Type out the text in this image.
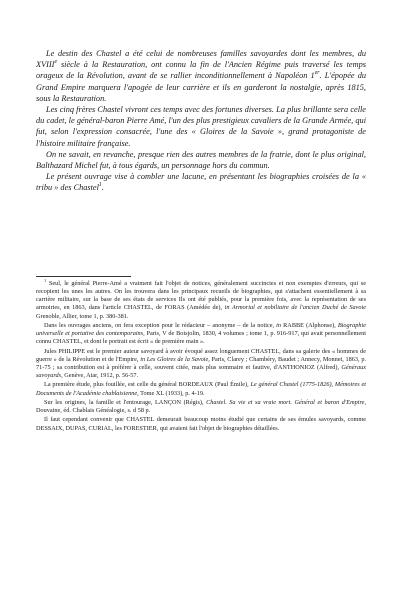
Le destin des Chastel a été celui de nombreuses familles savoyardes dont les membres, du XVIIIe siècle à la Restauration, ont connu la fin de l'Ancien Régime puis traversé les temps orageux de la Révolution, avant de se rallier inconditionnellement à Napoléon 1er. L'épopée du Grand Empire marquera l'apogée de leur carrière et ils en garderont la nostalgie, après 1815, sous la Restauration.

Les cinq frères Chastel vivront ces temps avec des fortunes diverses. La plus brillante sera celle du cadet, le général-baron Pierre Amé, l'un des plus prestigieux cavaliers de la Grande Armée, qui fut, selon l'expression consacrée, l'une des « Gloires de la Savoie », grand protagoniste de l'histoire militaire française.

On ne savait, en revanche, presque rien des autres membres de la fratrie, dont le plus original, Balthazard Michel fut, à tous égards, un personnage hors du commun.

Le présent ouvrage vise à combler une lacune, en présentant les biographies croisées de la « tribu » des Chastel$^1$.

$^1$ Seul, le général Pierre-Amé a vraiment fait l'objet de notices, généralement succinctes et non exemptes d'erreurs, qui se recopient les unes les autres. On les trouvera dans les principaux recueils de biographies, qui s'attachent essentiellement à sa carrière militaire, sur la base de ses états de services Ils ont été publiés, pour la première fois, avec la représentation de ses armoiries, en 1863, dans l'article CHASTEL, de FORAS (Amédée de), in Armorial et nobiliaire de l'ancien Duché de Savoie Grenoble, Allier, tome 1, p. 380-381.

Dans les ouvrages anciens, on fera exception pour le rédacteur – anonyme – de la notice, in RABBE (Alphonse), Biographie universelle et portative des contemporains, Paris, V de Boisjolin, 1830, 4 volumes ; tome 1, p. 916-917, qui avait personnellement connu CHASTEL, et dont le portrait est écrit « de première main ».

Jules PHILIPPE est le premier auteur savoyard à avoir évoqué assez longuement CHASTEL, dans sa galerie des « hommes de guerre » de la Révolution et de l'Empire, in Les Gloires de la Savoie, Paris, Clarey ; Chambéry, Baudet ; Annecy, Monnet, 1863, p. 71-75 ; sa contribution est à préférer à celle, souvent citée, mais plus sommaire et fautive, d'ANTHONIOZ (Alfred), Généraux savoyards, Genève, Atar, 1912, p. 56-57.

La première étude, plus fouillée, est celle du général BORDEAUX (Paul Émile), Le général Chastel (1775-1826), Mémoires et Documents de l'Académie chablaisienne, Tome XL (1933), p. 4-19.

Sur les origines, la famille et l'entourage, LANÇON (Régis), Chastel. Sa vie et sa vraie mort. Général et baron d'Empire, Douvaine, éd. Chablais Généalogie, s. d 58 p.

Il faut cependant convenir que CHASTEL demeurait beaucoup moins étudié que certains de ses émules savoyards, comme DESSAIX, DUPAS, CURIAL, les FORESTIER, qui avaient fait l'objet de biographies détaillées.
